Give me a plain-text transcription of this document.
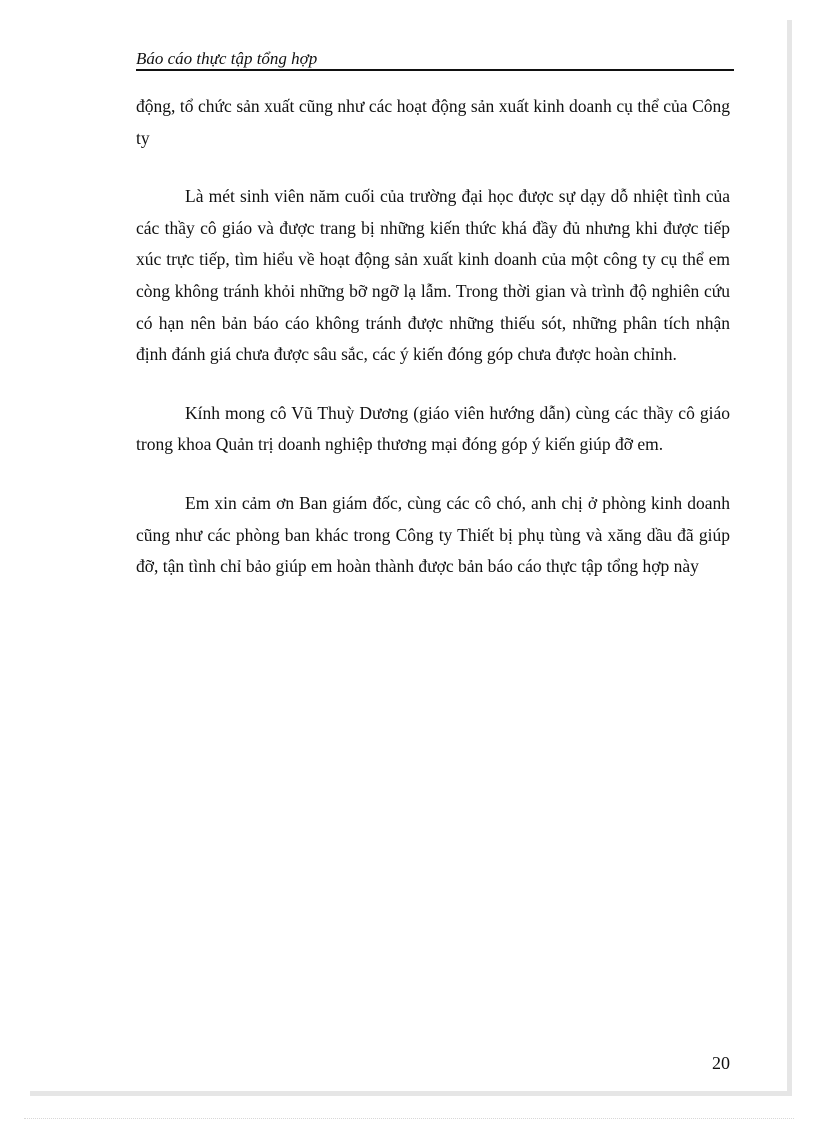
Báo cáo thực tập tổng hợp

động, tổ chức sản xuất cũng như các hoạt động sản xuất kinh doanh cụ thể của Công ty

Là mét sinh viên năm cuối của trường đại học được sự dạy dỗ nhiệt tình của các thầy cô giáo và được trang bị những kiến thức khá đầy đủ nhưng khi được tiếp xúc trực tiếp, tìm hiểu về hoạt động sản xuất kinh doanh của một công ty cụ thể em còng không tránh khỏi những bỡ ngỡ lạ lẫm. Trong thời gian và trình độ nghiên cứu có hạn nên bản báo cáo không tránh được những thiếu sót, những phân tích nhận định đánh giá chưa được sâu sắc, các ý kiến đóng góp chưa được hoàn chỉnh.

Kính mong cô Vũ Thuỳ Dương (giáo viên hướng dẫn) cùng các thầy cô giáo trong khoa Quản trị doanh nghiệp thương mại đóng góp ý kiến giúp đỡ em.

Em xin cảm ơn Ban giám đốc, cùng các cô chó, anh chị ở phòng kinh doanh cũng như các phòng ban khác trong Công ty Thiết bị phụ tùng và xăng dầu đã giúp đỡ, tận tình chỉ bảo giúp em hoàn thành được bản báo cáo thực tập tổng hợp này

20
